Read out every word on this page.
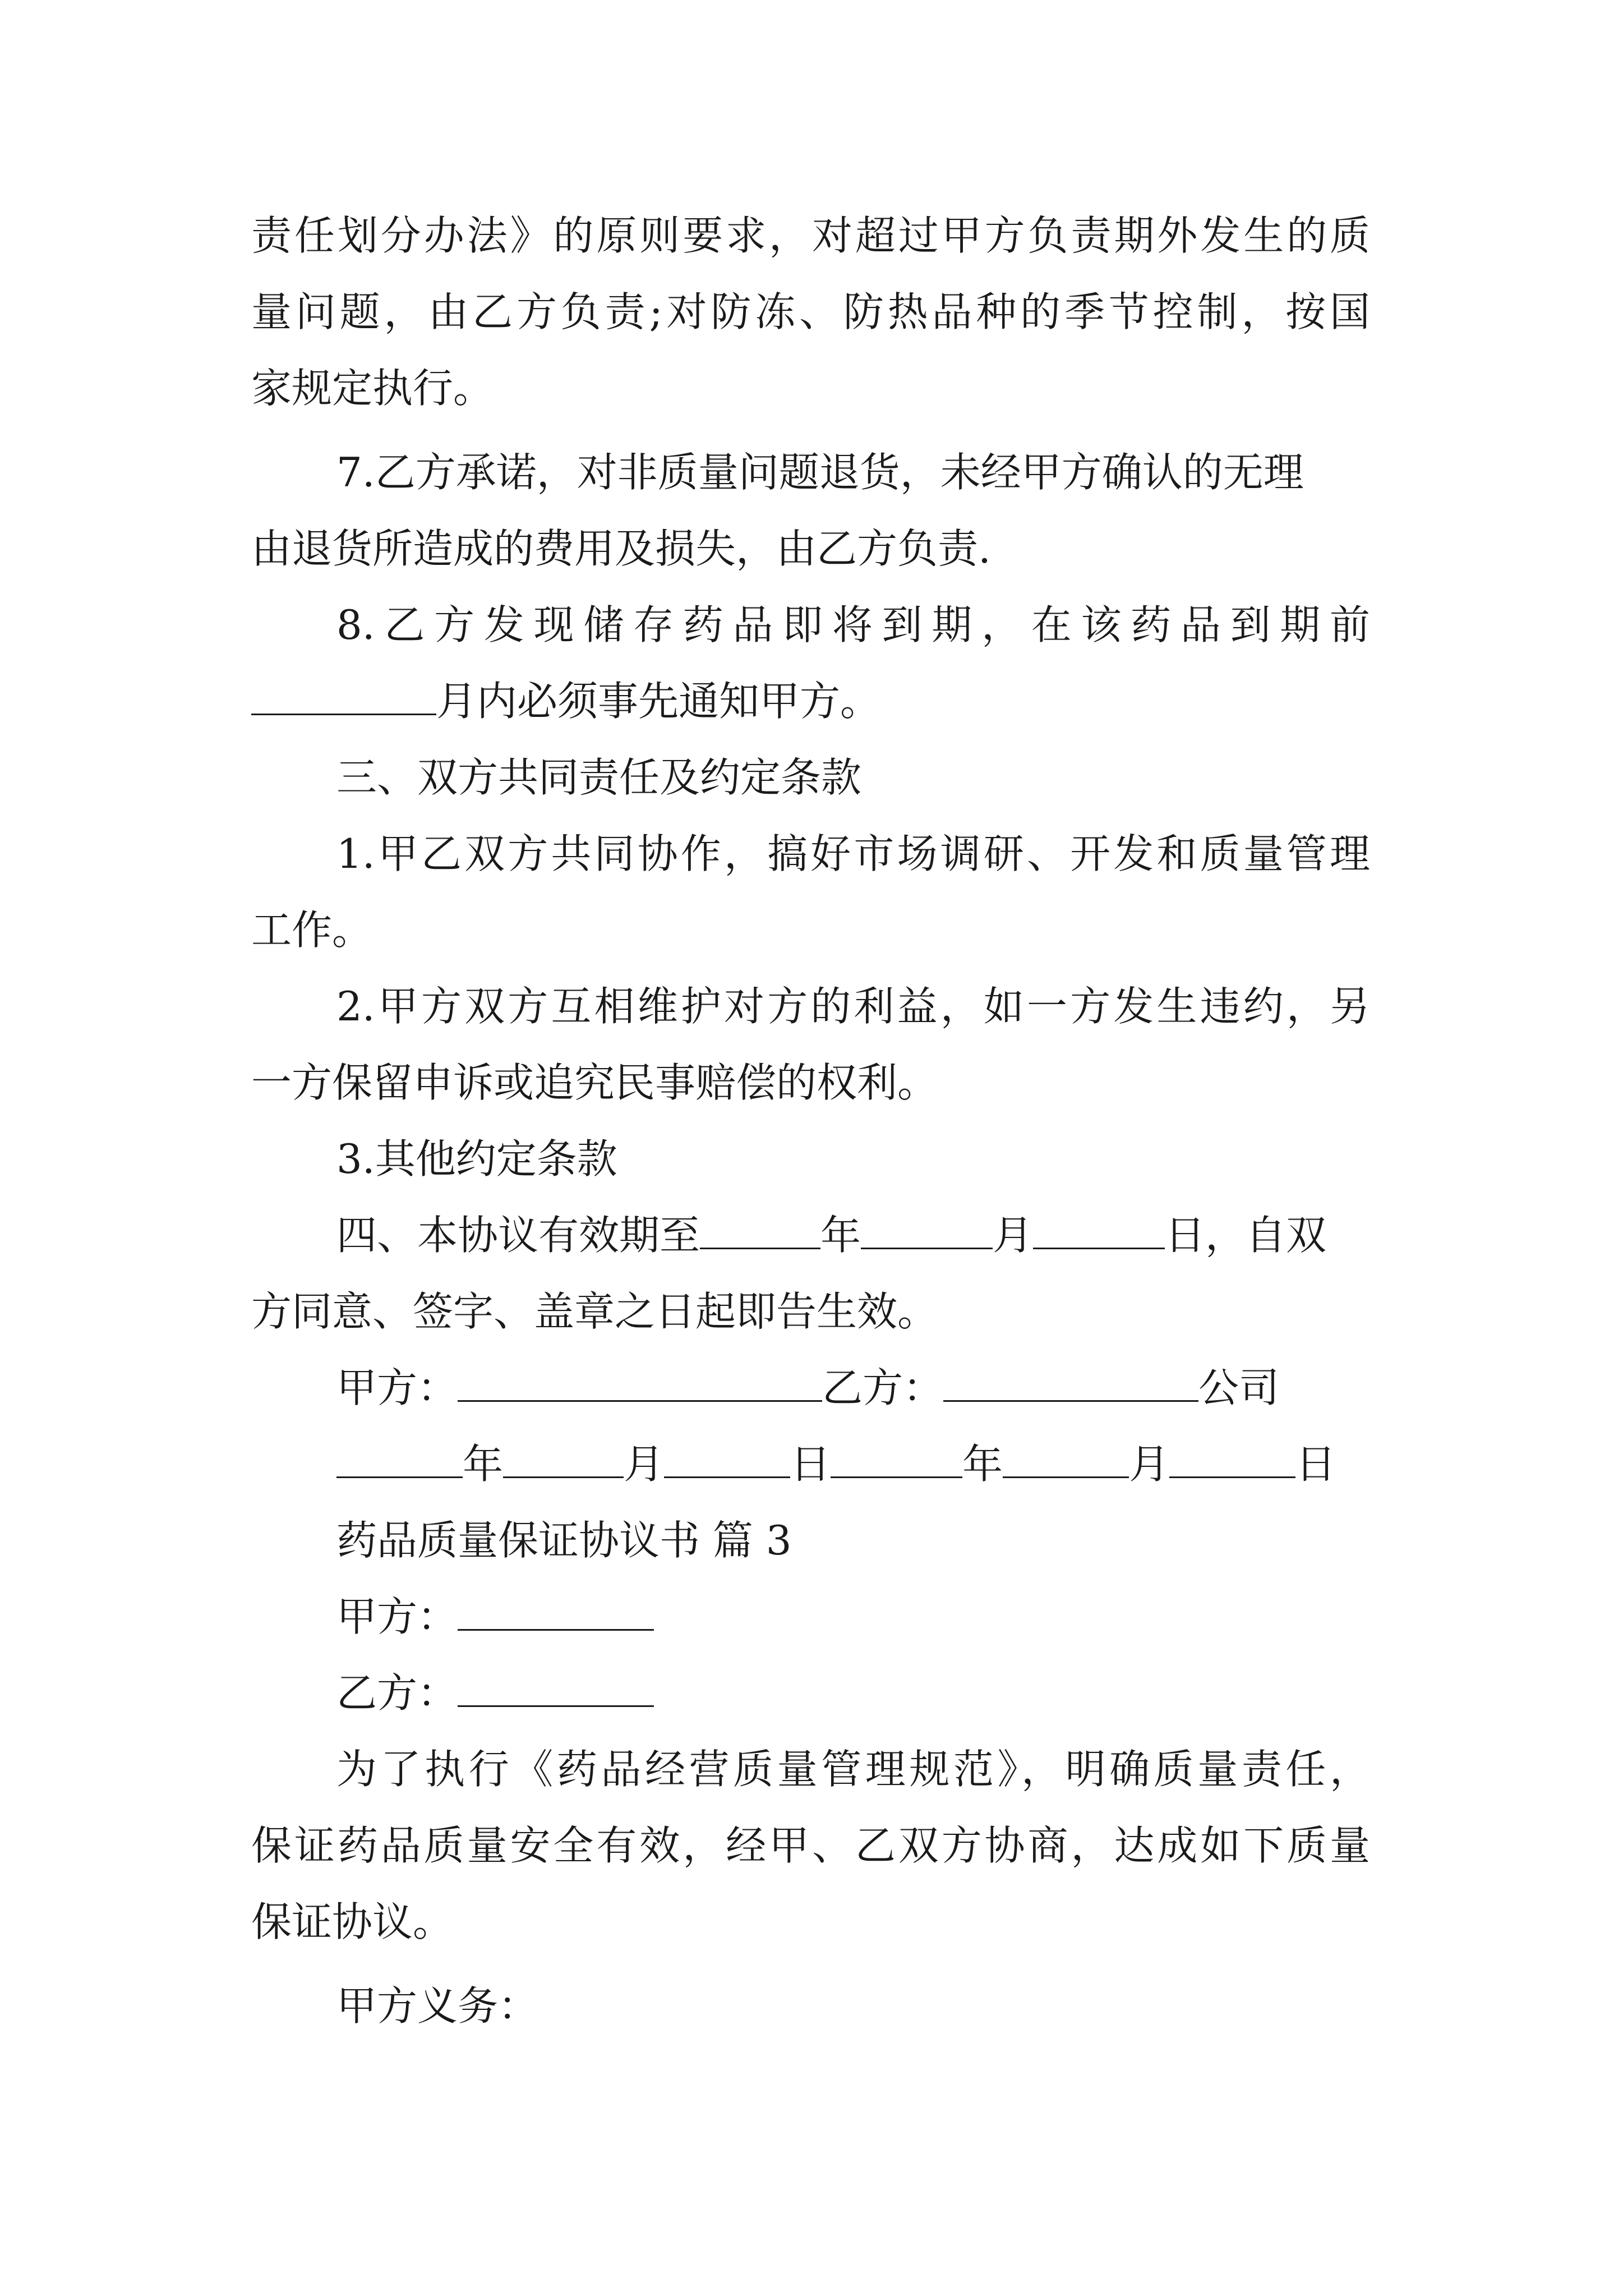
责任划分办法》的原则要求，对超过甲方负责期外发生的质
量问题，由乙方负责;对防冻、防热品种的季节控制，按国
家规定执行。
7.乙方承诺，对非质量问题退货，未经甲方确认的无理
由退货所造成的费用及损失，由乙方负责.
8.乙方发现储存药品即将到期，在该药品到期前
月内必须事先通知甲方。
三、双方共同责任及约定条款
1.甲乙双方共同协作，搞好市场调研、开发和质量管理
工作。
2.甲方双方互相维护对方的利益，如一方发生违约，另
一方保留申诉或追究民事赔偿的权利。
3.其他约定条款
四、本协议有效期至	年	月	日，自双
方同意、签字、盖章之日起即告生效。
甲方：	乙方：	公司
年	月	日	年	月	日
药品质量保证协议书 篇 3
甲方：
乙方：
为了执行《药品经营质量管理规范》，明确质量责任，
保证药品质量安全有效，经甲、乙双方协商，达成如下质量
保证协议。
甲方义务：
